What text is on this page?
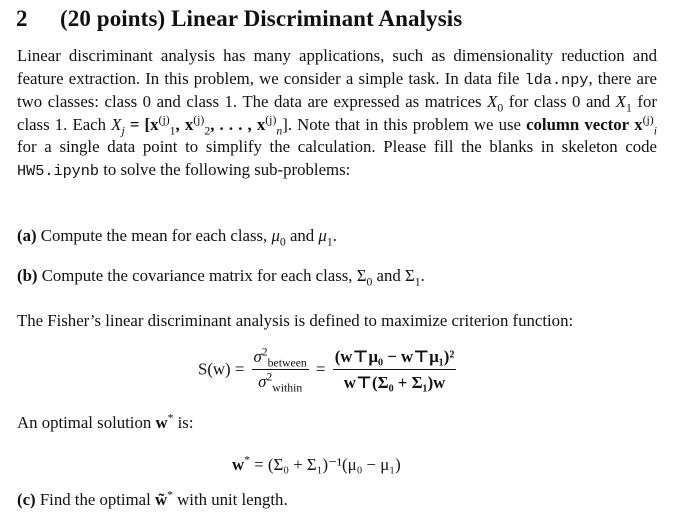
2 (20 points) Linear Discriminant Analysis

Linear discriminant analysis has many applications, such as dimensionality reduction and feature extraction. In this problem, we consider a simple task. In data file lda.npy, there are two classes: class 0 and class 1. The data are expressed as matrices $X_0$ for class 0 and $X_1$ for class 1. Each $X_j = [x^{(j)}_1$, $x^{(j)}_2$, . . . , $x^{(j)}_n$]. Note that in this problem we use column vector $x^{(j)}_i$ for a single data point to simplify the calculation. Please fill the blanks in skeleton code HW5.ipynb to solve the following sub-problems:

(a) Compute the mean for each class, $\mu_0$ and $\mu_1$.

(b) Compute the covariance matrix for each class, $\Sigma_0$ and $\Sigma_1$.

The Fisher’s linear discriminant analysis is defined to maximize criterion function:

$S(w) = \frac{\sigma^2_{between}}{\sigma^2_{within}} = \frac{\text{(w⊤μ₀ − w⊤μ₁)²}}{\text{w⊤(Σ₀ + Σ₁)w}}$

An optimal solution w* is:

w* = (Σ₀ + Σ₁)⁻¹(μ₀ − μ₁)

(c) Find the optimal w̃* with unit length.
